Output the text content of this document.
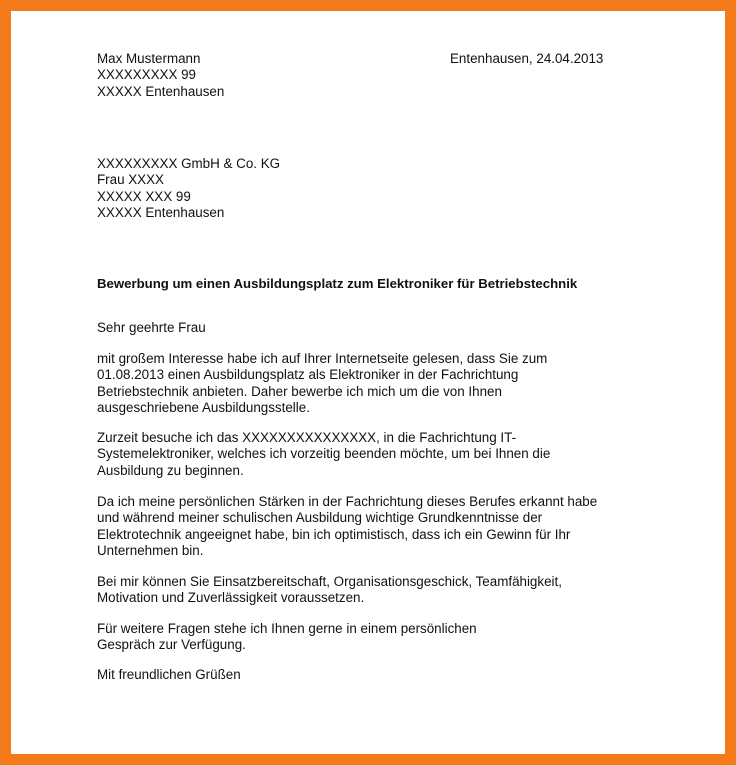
Max Mustermann
XXXXXXXXX 99
XXXXX Entenhausen
Entenhausen, 24.04.2013
XXXXXXXXX GmbH & Co. KG
Frau XXXX
XXXXX XXX 99
XXXXX Entenhausen
Bewerbung um einen Ausbildungsplatz zum Elektroniker für Betriebstechnik
Sehr geehrte Frau
mit großem Interesse habe ich auf Ihrer Internetseite gelesen, dass Sie zum
01.08.2013 einen Ausbildungsplatz als Elektroniker in der Fachrichtung
Betriebstechnik anbieten. Daher bewerbe ich mich um die von Ihnen
ausgeschriebene Ausbildungsstelle.
Zurzeit besuche ich das XXXXXXXXXXXXXXX, in die Fachrichtung IT-
Systemelektroniker, welches ich vorzeitig beenden möchte, um bei Ihnen die
Ausbildung zu beginnen.
Da ich meine persönlichen Stärken in der Fachrichtung dieses Berufes erkannt habe
und während meiner schulischen Ausbildung wichtige Grundkenntnisse der
Elektrotechnik angeeignet habe, bin ich optimistisch, dass ich ein Gewinn für Ihr
Unternehmen bin.
Bei mir können Sie Einsatzbereitschaft, Organisationsgeschick, Teamfähigkeit,
Motivation und Zuverlässigkeit voraussetzen.
Für weitere Fragen stehe ich Ihnen gerne in einem persönlichen
Gespräch zur Verfügung.
Mit freundlichen Grüßen
